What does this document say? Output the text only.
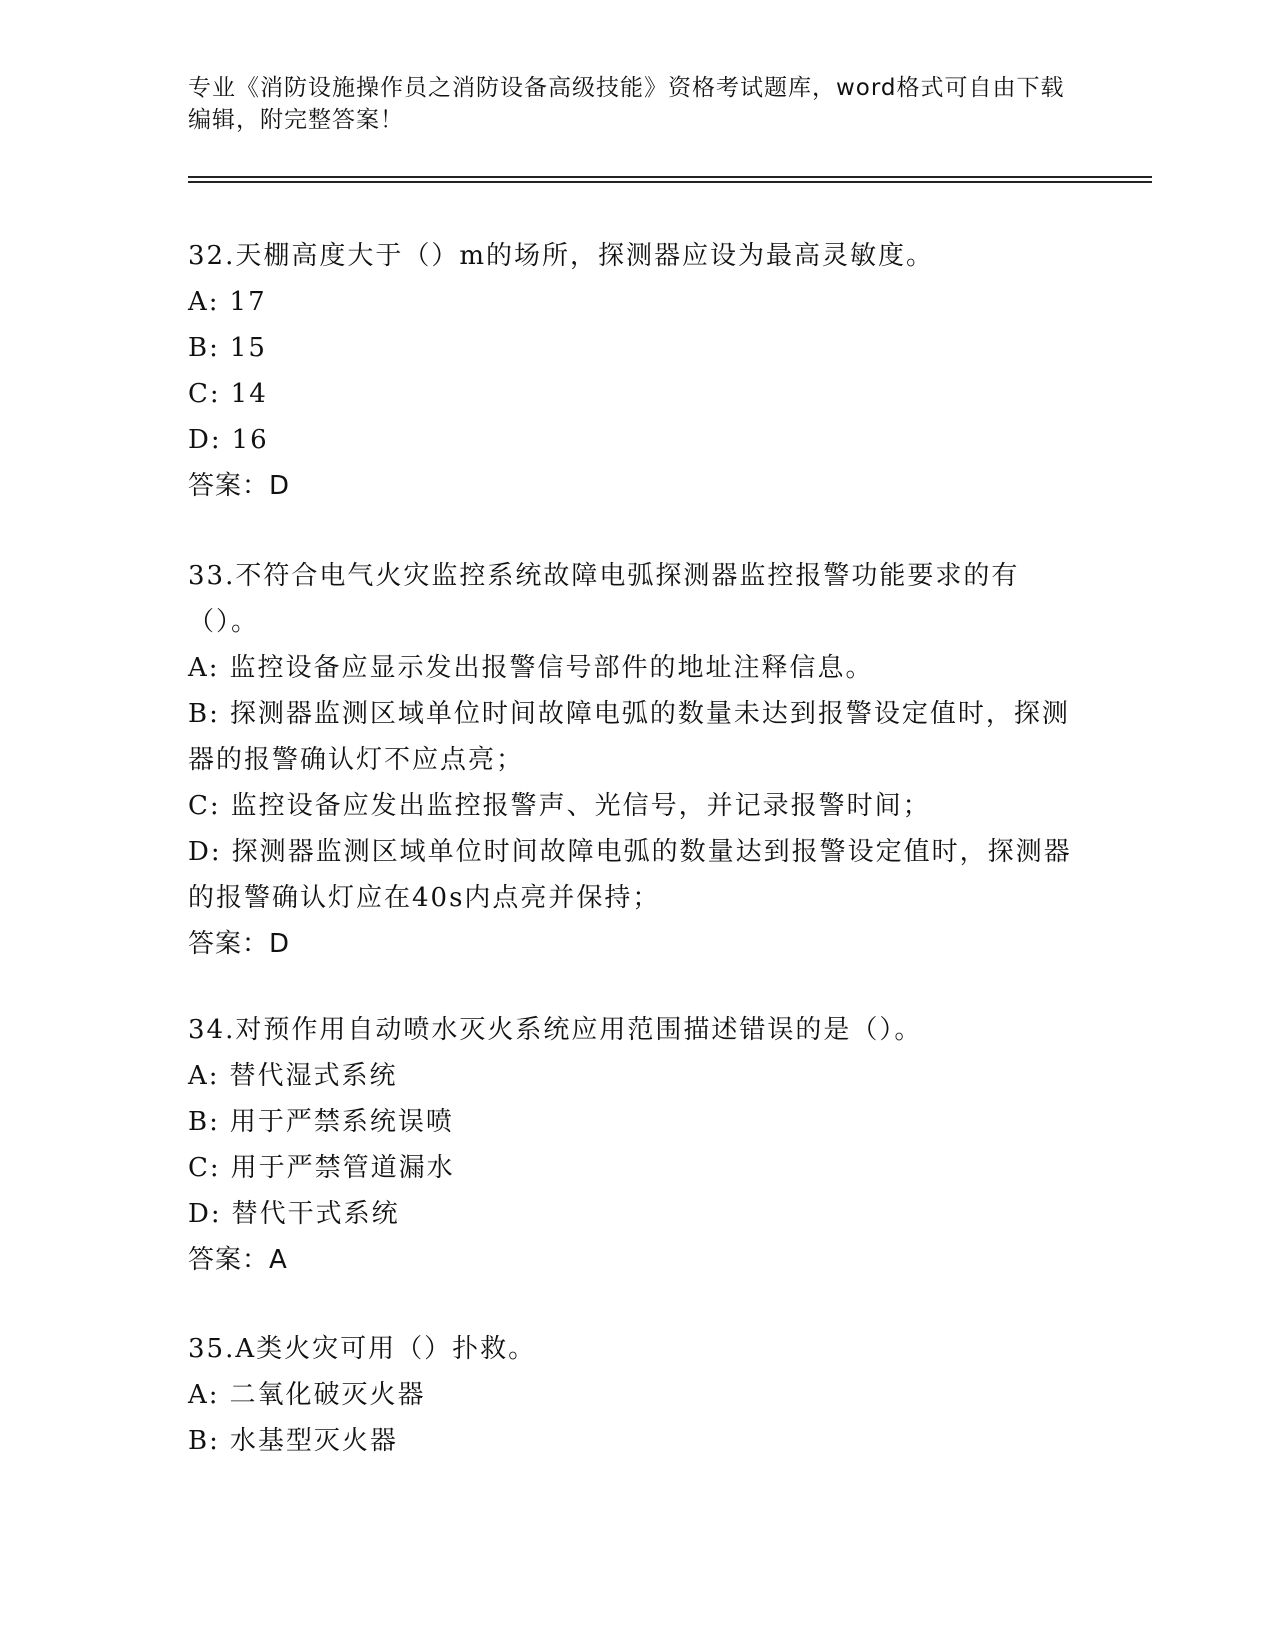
专业《消防设施操作员之消防设备高级技能》资格考试题库，word格式可自由下载编辑，附完整答案！

32.天棚高度大于（）m的场所，探测器应设为最高灵敏度。

A: 17

B: 15

C: 14

D: 16

答案：D

33.不符合电气火灾监控系统故障电弧探测器监控报警功能要求的有（）。

A: 监控设备应显示发出报警信号部件的地址注释信息。

B: 探测器监测区域单位时间故障电弧的数量未达到报警设定值时，探测器的报警确认灯不应点亮；

C: 监控设备应发出监控报警声、光信号，并记录报警时间；

D: 探测器监测区域单位时间故障电弧的数量达到报警设定值时，探测器的报警确认灯应在40s内点亮并保持；

答案：D

34.对预作用自动喷水灭火系统应用范围描述错误的是（）。

A: 替代湿式系统

B: 用于严禁系统误喷

C: 用于严禁管道漏水

D: 替代干式系统

答案：A

35.A类火灾可用（）扑救。

A: 二氧化破灭火器

B: 水基型灭火器
